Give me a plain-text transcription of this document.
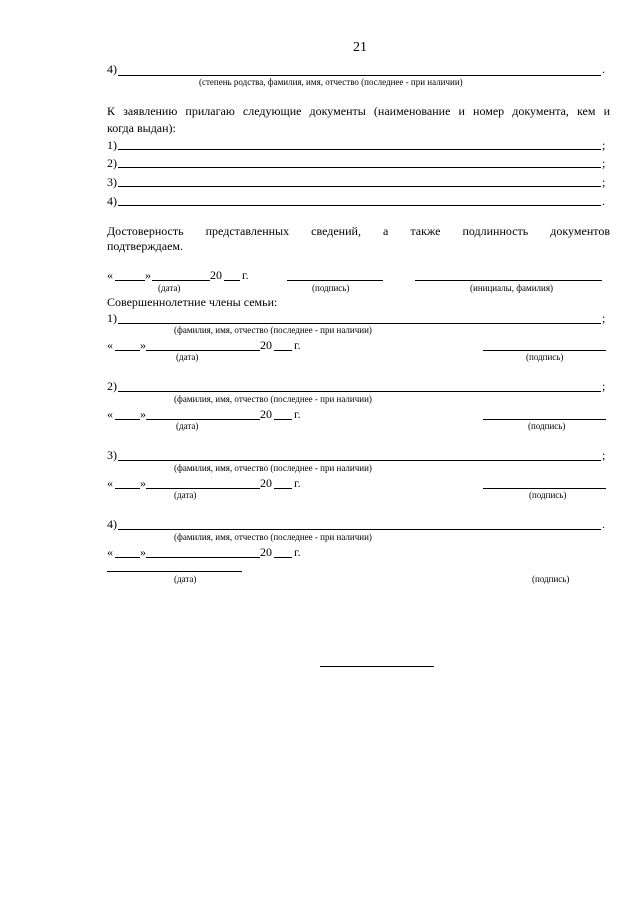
21
4)	.
(степень родства, фамилия, имя, отчество (последнее - при наличии)
К заявлению прилагаю следующие документы (наименование и номер документа, кем и
когда выдан):
1)	;
2)	;
3)	;
4)	.
Достоверность представленных сведений, а также подлинность документов
подтверждаем.
«	»	20 г.
(дата)	(подпись)	(инициалы, фамилия)
Совершеннолетние члены семьи:
1)	;
(фамилия, имя, отчество (последнее - при наличии)
« »	20 г.
(дата)	(подпись)
2)	;
(фамилия, имя, отчество (последнее - при наличии)
« »	20 г.
(дата)	(подпись)
3)	;
(фамилия, имя, отчество (последнее - при наличии)
« »	20 г.
(дата)	(подпись)
4)	.
(фамилия, имя, отчество (последнее - при наличии)
« »	20 г.
(дата)	(подпись)
